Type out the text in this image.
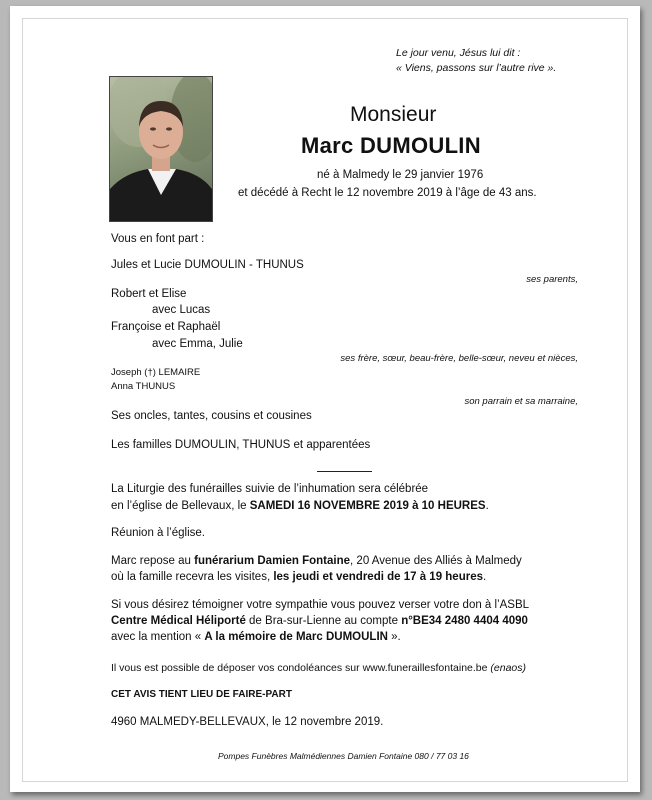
Le jour venu, Jésus lui dit :
« Viens, passons sur l’autre rive ».
Monsieur
Marc DUMOULIN
né à Malmedy le 29 janvier 1976
et décédé à Recht le 12 novembre 2019 à l’âge de 43 ans.
Vous en font part :
Jules et Lucie DUMOULIN - THUNUS
ses parents,
Robert et Elise
avec Lucas
Françoise et Raphaël
avec Emma, Julie
ses frère, sœur, beau-frère, belle-sœur, neveu et nièces,
Joseph (†) LEMAIRE
Anna THUNUS
son parrain et sa marraine,
Ses oncles, tantes, cousins et cousines
Les familles DUMOULIN, THUNUS et apparentées
La Liturgie des funérailles suivie de l’inhumation sera célébrée
en l’église de Bellevaux, le SAMEDI 16 NOVEMBRE 2019 à 10 HEURES.
Réunion à l’église.
Marc repose au funérarium Damien Fontaine, 20 Avenue des Alliés à Malmedy
où la famille recevra les visites, les jeudi et vendredi de 17 à 19 heures.
Si vous désirez témoigner votre sympathie vous pouvez verser votre don à l’ASBL
Centre Médical Héliporté de Bra-sur-Lienne au compte n°BE34 2480 4404 4090
avec la mention « A la mémoire de Marc DUMOULIN ».
Il vous est possible de déposer vos condoléances sur www.funerailles​fontaine.be (enaos)
CET AVIS TIENT LIEU DE FAIRE-PART
4960 MALMEDY-BELLEVAUX, le 12 novembre 2019.
Pompes Funèbres Malmédiennes Damien Fontaine 080 / 77 03 16
